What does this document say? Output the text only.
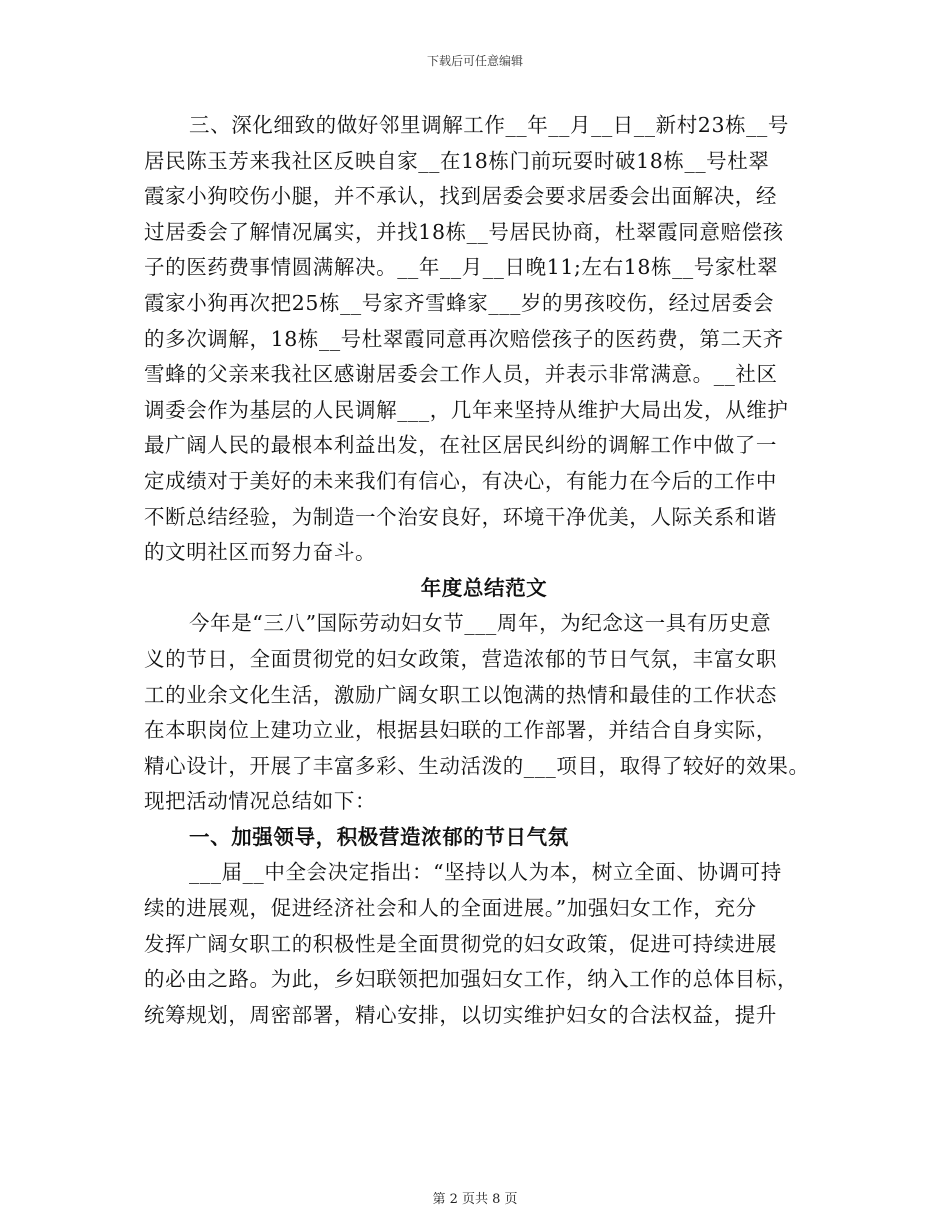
下载后可任意编辑
三、深化细致的做好邻里调解工作__年__月__日__新村23栋__号
居民陈玉芳来我社区反映自家__在18栋门前玩耍时破18栋__号杜翠
霞家小狗咬伤小腿，并不承认，找到居委会要求居委会出面解决，经
过居委会了解情况属实，并找18栋__号居民协商，杜翠霞同意赔偿孩
子的医药费事情圆满解决。__年__月__日晚11;左右18栋__号家杜翠
霞家小狗再次把25栋__号家齐雪蜂家___岁的男孩咬伤，经过居委会
的多次调解，18栋__号杜翠霞同意再次赔偿孩子的医药费，第二天齐
雪蜂的父亲来我社区感谢居委会工作人员，并表示非常满意。__社区
调委会作为基层的人民调解___，几年来坚持从维护大局出发，从维护
最广阔人民的最根本利益出发，在社区居民纠纷的调解工作中做了一
定成绩对于美好的未来我们有信心，有决心，有能力在今后的工作中
不断总结经验，为制造一个治安良好，环境干净优美，人际关系和谐
的文明社区而努力奋斗。
年度总结范文
今年是“三八”国际劳动妇女节___周年，为纪念这一具有历史意
义的节日，全面贯彻党的妇女政策，营造浓郁的节日气氛，丰富女职
工的业余文化生活，激励广阔女职工以饱满的热情和最佳的工作状态
在本职岗位上建功立业，根据县妇联的工作部署，并结合自身实际，
精心设计，开展了丰富多彩、生动活泼的___项目，取得了较好的效果。
现把活动情况总结如下：
一、加强领导，积极营造浓郁的节日气氛
___届__中全会决定指出：“坚持以人为本，树立全面、协调可持
续的进展观，促进经济社会和人的全面进展。”加强妇女工作，充分
发挥广阔女职工的积极性是全面贯彻党的妇女政策，促进可持续进展
的必由之路。为此，乡妇联领把加强妇女工作，纳入工作的总体目标，
统筹规划，周密部署，精心安排，以切实维护妇女的合法权益，提升
第 2 页共 8 页
